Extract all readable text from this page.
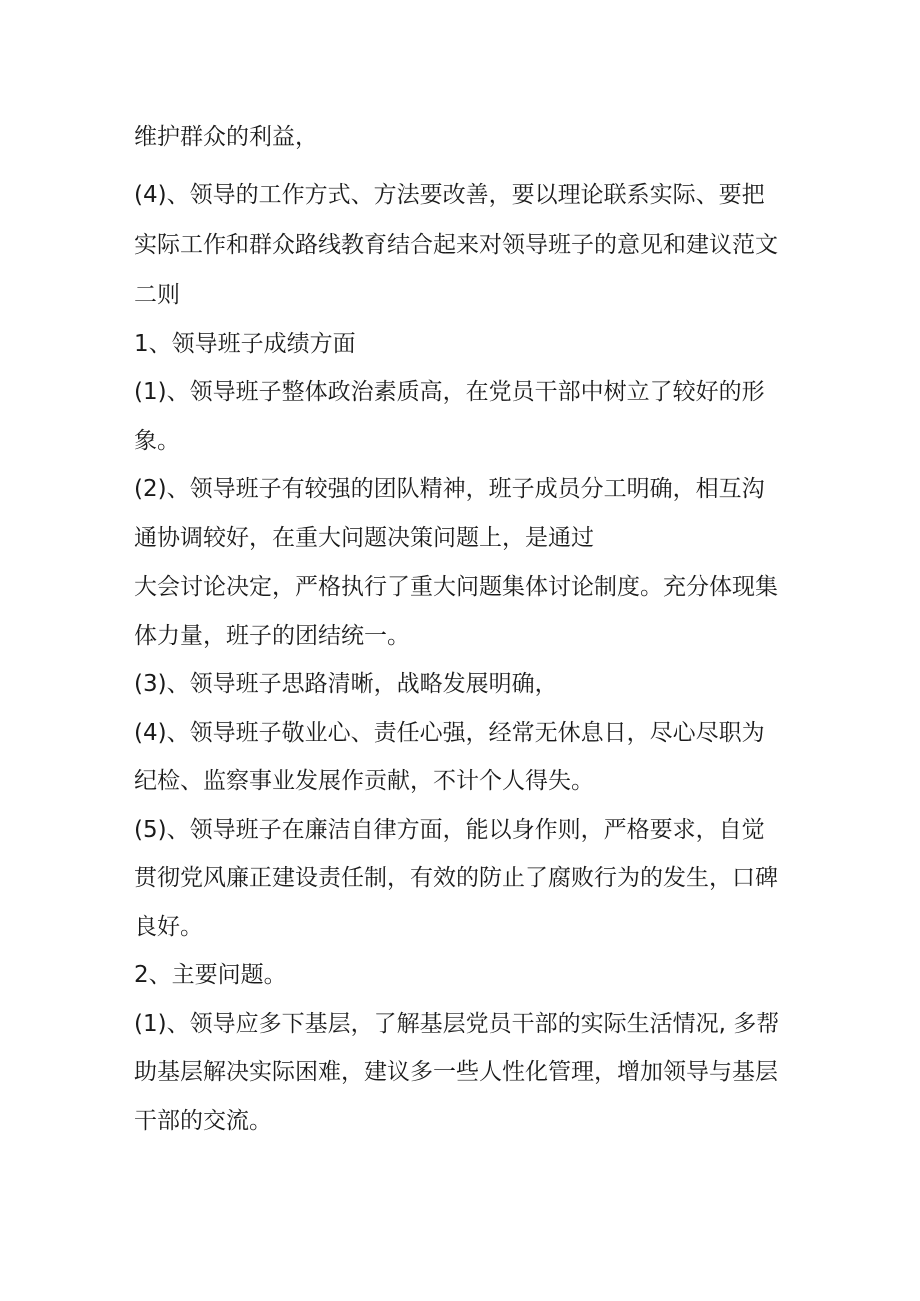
维护群众的利益，
(4)、领导的工作方式、方法要改善，要以理论联系实际、要把
实际工作和群众路线教育结合起来对领导班子的意见和建议范文
二则
1、领导班子成绩方面
(1)、领导班子整体政治素质高，在党员干部中树立了较好的形
象。
(2)、领导班子有较强的团队精神，班子成员分工明确，相互沟
通协调较好，在重大问题决策问题上，是通过
大会讨论决定，严格执行了重大问题集体讨论制度。充分体现集
体力量，班子的团结统一。
(3)、领导班子思路清晰，战略发展明确，
(4)、领导班子敬业心、责任心强，经常无休息日，尽心尽职为
纪检、监察事业发展作贡献，不计个人得失。
(5)、领导班子在廉洁自律方面，能以身作则，严格要求，自觉
贯彻党风廉正建设责任制，有效的防止了腐败行为的发生，口碑
良好。
2、主要问题。
(1)、领导应多下基层，了解基层党员干部的实际生活情况, 多帮
助基层解决实际困难，建议多一些人性化管理，增加领导与基层
干部的交流。
